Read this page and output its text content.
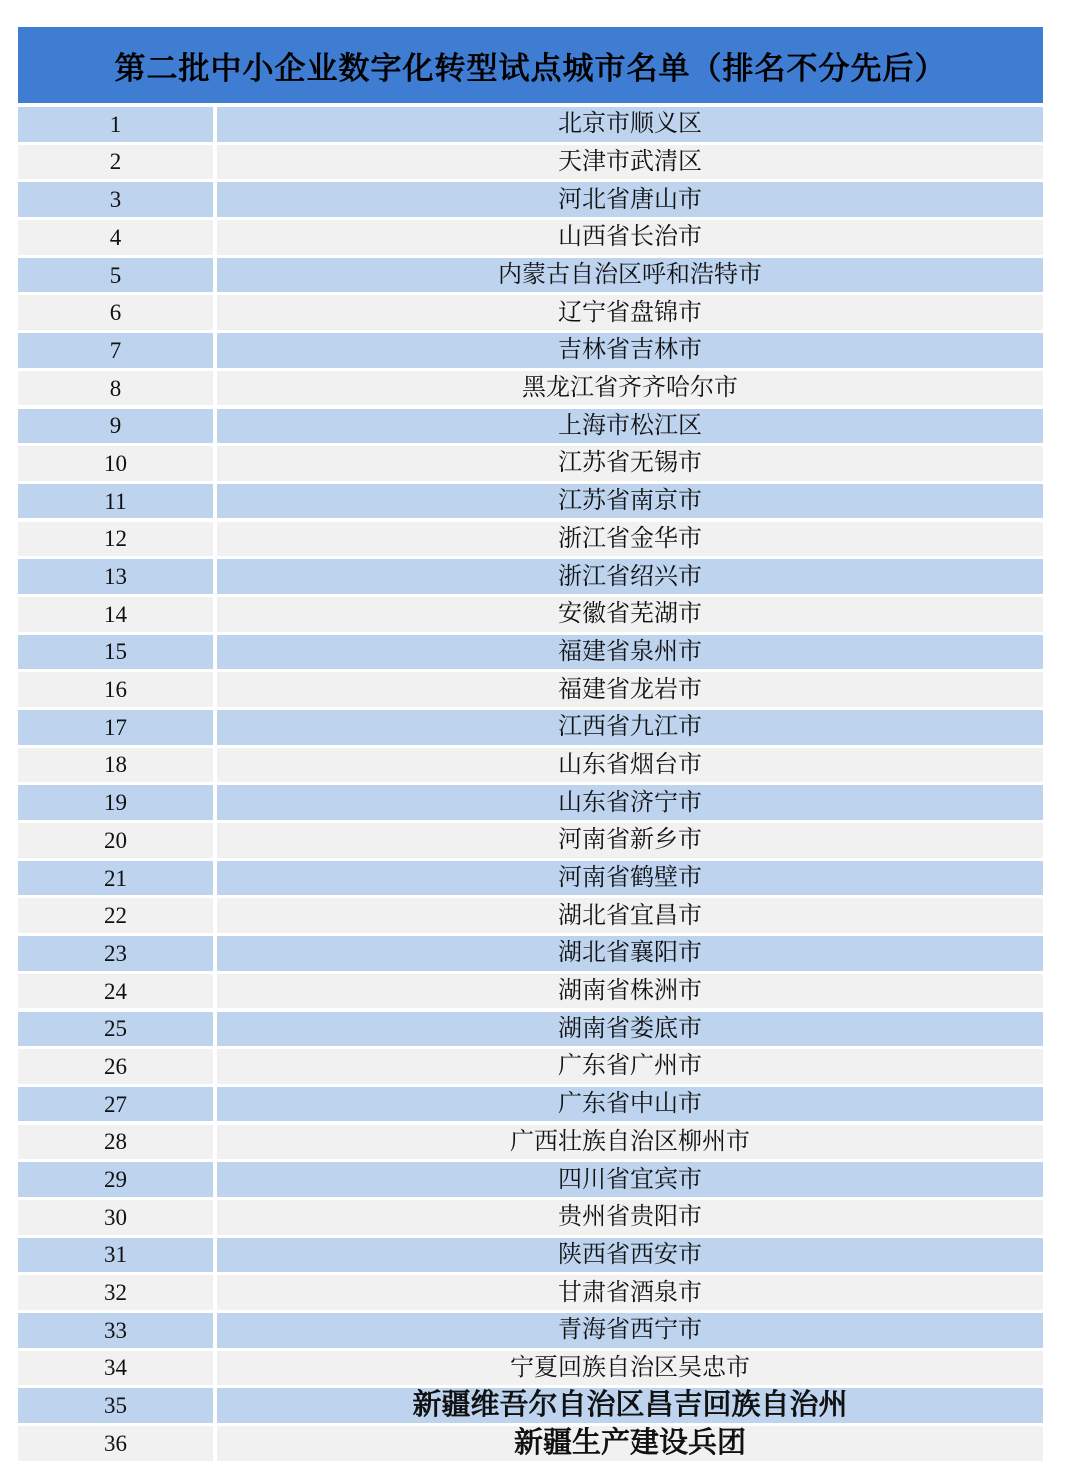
第二批中小企业数字化转型试点城市名单（排名不分先后）
1	北京市顺义区
2	天津市武清区
3	河北省唐山市
4	山西省长治市
5	内蒙古自治区呼和浩特市
6	辽宁省盘锦市
7	吉林省吉林市
8	黑龙江省齐齐哈尔市
9	上海市松江区
10	江苏省无锡市
11	江苏省南京市
12	浙江省金华市
13	浙江省绍兴市
14	安徽省芜湖市
15	福建省泉州市
16	福建省龙岩市
17	江西省九江市
18	山东省烟台市
19	山东省济宁市
20	河南省新乡市
21	河南省鹤壁市
22	湖北省宜昌市
23	湖北省襄阳市
24	湖南省株洲市
25	湖南省娄底市
26	广东省广州市
27	广东省中山市
28	广西壮族自治区柳州市
29	四川省宜宾市
30	贵州省贵阳市
31	陕西省西安市
32	甘肃省酒泉市
33	青海省西宁市
34	宁夏回族自治区吴忠市
35	新疆维吾尔自治区昌吉回族自治州
36	新疆生产建设兵团
